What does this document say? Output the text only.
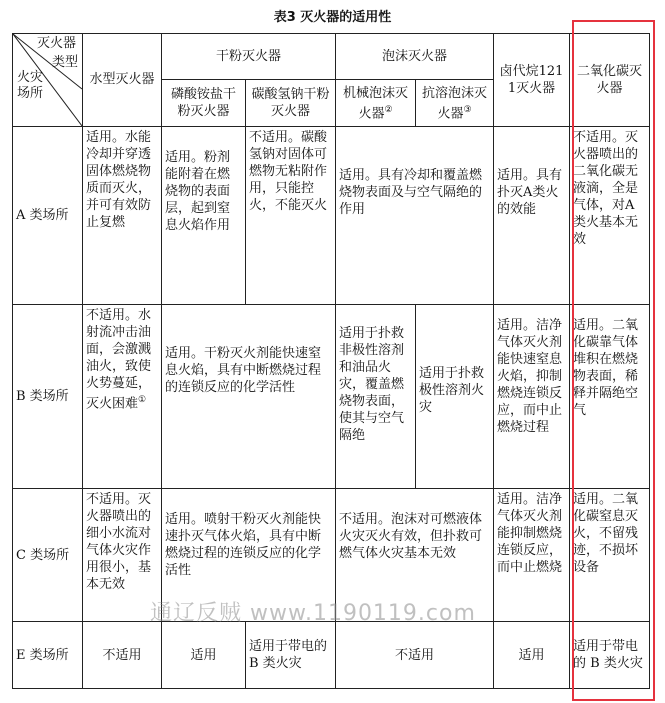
表3 灭火器的适用性
灭火器
类型
火灾场所	水型灭火器	干粉灭火器		泡沫灭火器		卤代烷1211灭火器	二氧化碳灭火器
		磷酸铵盐干粉灭火器	碳酸氢钠干粉灭火器	机械泡沫灭火器②	抗溶泡沫灭火器③
A 类场所	适用。水能冷却并穿透固体燃烧物质而灭火，并可有效防止复燃	适用。粉剂能附着在燃烧物的表面层，起到窒息火焰作用	不适用。碳酸氢钠对固体可燃物无粘附作用，只能控火，不能灭火	适用。具有冷却和覆盖燃烧物表面及与空气隔绝的作用		适用。具有扑灭A类火的效能	不适用。灭火器喷出的二氧化碳无液滴，全是气体，对A类火基本无效
B 类场所	不适用。水射流冲击油面，会激溅油火，致使火势蔓延，灭火困难①	适用。干粉灭火剂能快速窒息火焰，具有中断燃烧过程的连锁反应的化学活性		适用于扑救非极性溶剂和油品火灾，覆盖燃烧物表面，使其与空气隔绝	适用于扑救极性溶剂火灾	适用。洁净气体灭火剂能快速窒息火焰，抑制燃烧连锁反应，而中止燃烧过程	适用。二氧化碳靠气体堆积在燃烧物表面，稀释并隔绝空气
C 类场所	不适用。灭火器喷出的细小水流对气体火灾作用很小，基本无效	适用。喷射干粉灭火剂能快速扑灭气体火焰，具有中断燃烧过程的连锁反应的化学活性		不适用。泡沫对可燃液体火灾灭火有效，但扑救可燃气体火灾基本无效		适用。洁净气体灭火剂能抑制燃烧连锁反应，而中止燃烧	适用。二氧化碳窒息灭火，不留残迹，不损坏设备
E 类场所	不适用	适用	适用于带电的 B 类火灾	不适用		适用	适用于带电的 B 类火灾
通辽反贼 www.1190119.com
